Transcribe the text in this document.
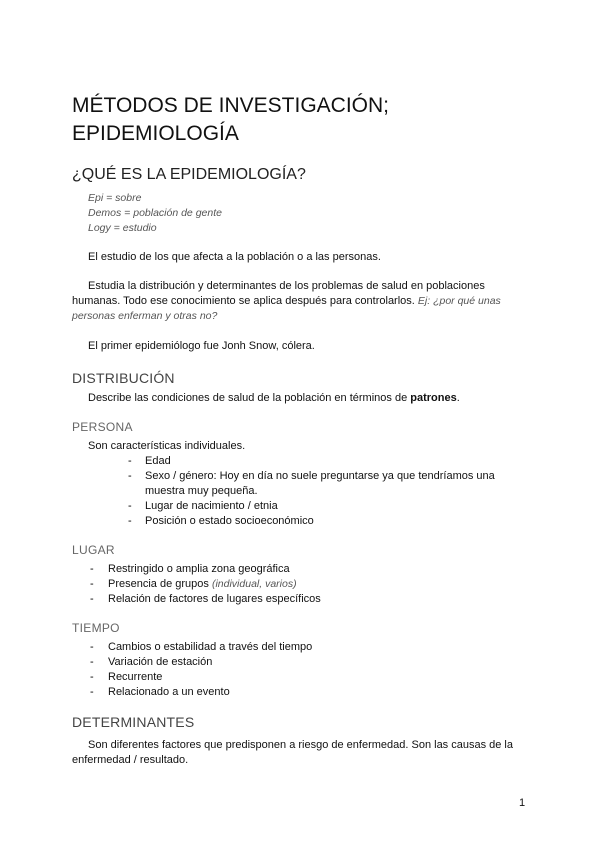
MÉTODOS DE INVESTIGACIÓN;
EPIDEMIOLOGÍA
¿QUÉ ES LA EPIDEMIOLOGÍA?
Epi = sobre
Demos = población de gente
Logy = estudio
El estudio de los que afecta a la población o a las personas.
Estudia la distribución y determinantes de los problemas de salud en poblaciones
humanas. Todo ese conocimiento se aplica después para controlarlos. Ej: ¿por qué unas
personas enferman y otras no?
El primer epidemiólogo fue Jonh Snow, cólera.
DISTRIBUCIÓN
Describe las condiciones de salud de la población en términos de patrones.
PERSONA
Son características individuales.
- Edad
- Sexo / género: Hoy en día no suele preguntarse ya que tendríamos una
muestra muy pequeña.
- Lugar de nacimiento / etnia
- Posición o estado socioeconómico
LUGAR
- Restringido o amplia zona geográfica
- Presencia de grupos (individual, varios)
- Relación de factores de lugares específicos
TIEMPO
- Cambios o estabilidad a través del tiempo
- Variación de estación
- Recurrente
- Relacionado a un evento
DETERMINANTES
Son diferentes factores que predisponen a riesgo de enfermedad. Son las causas de la
enfermedad / resultado.
1
